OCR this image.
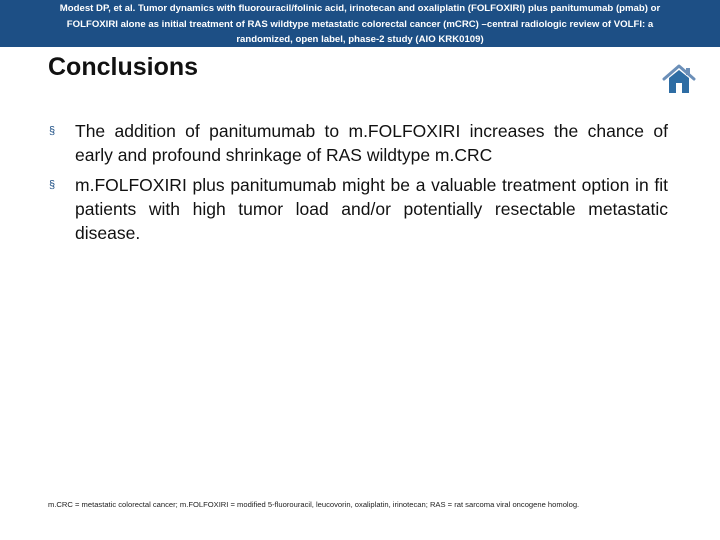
Modest DP, et al. Tumor dynamics with fluorouracil/folinic acid, irinotecan and oxaliplatin (FOLFOXIRI) plus panitumumab (pmab) or
FOLFOXIRI alone as initial treatment of RAS wildtype metastatic colorectal cancer (mCRC) –central radiologic review of VOLFI: a
randomized, open label, phase-2 study (AIO KRK0109)
Conclusions
§ The addition of panitumumab to m.FOLFOXIRI increases the chance of early and profound shrinkage of RAS wildtype m.CRC
§ m.FOLFOXIRI plus panitumumab might be a valuable treatment option in fit patients with high tumor load and/or potentially resectable metastatic disease.
m.CRC = metastatic colorectal cancer; m.FOLFOXIRI = modified 5-fluorouracil, leucovorin, oxaliplatin, irinotecan; RAS = rat sarcoma viral oncogene homolog.
